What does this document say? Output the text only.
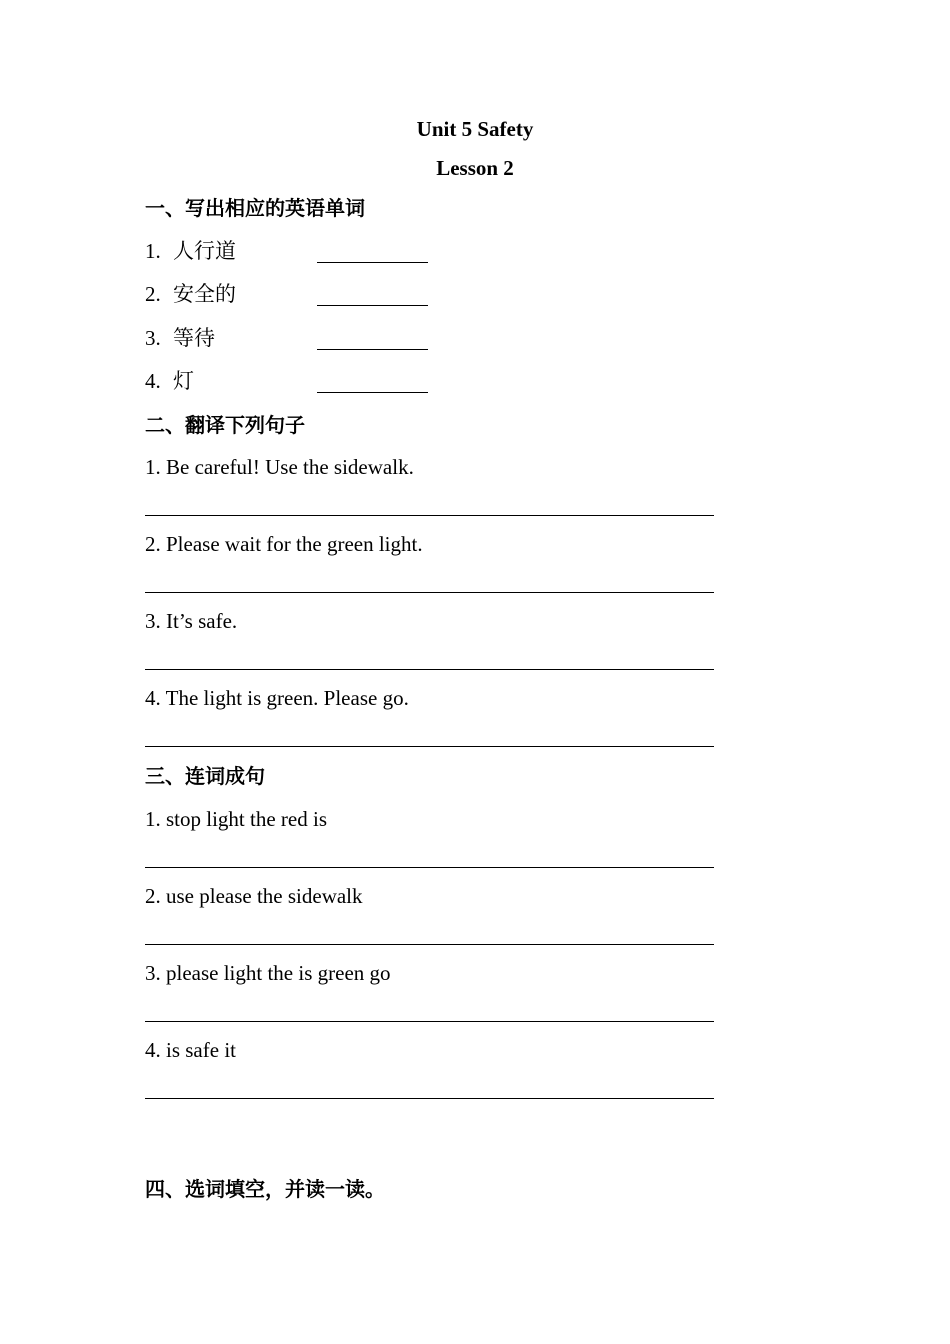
Unit 5 Safety
Lesson 2
一、写出相应的英语单词
1. 人行道
2. 安全的
3. 等待
4. 灯
二、翻译下列句子
1. Be careful! Use the sidewalk.
2. Please wait for the green light.
3. It’s safe.
4. The light is green. Please go.
三、连词成句
1. stop light the red is
2. use please the sidewalk
3. please light the is green go
4. is safe it
四、选词填空，并读一读。
